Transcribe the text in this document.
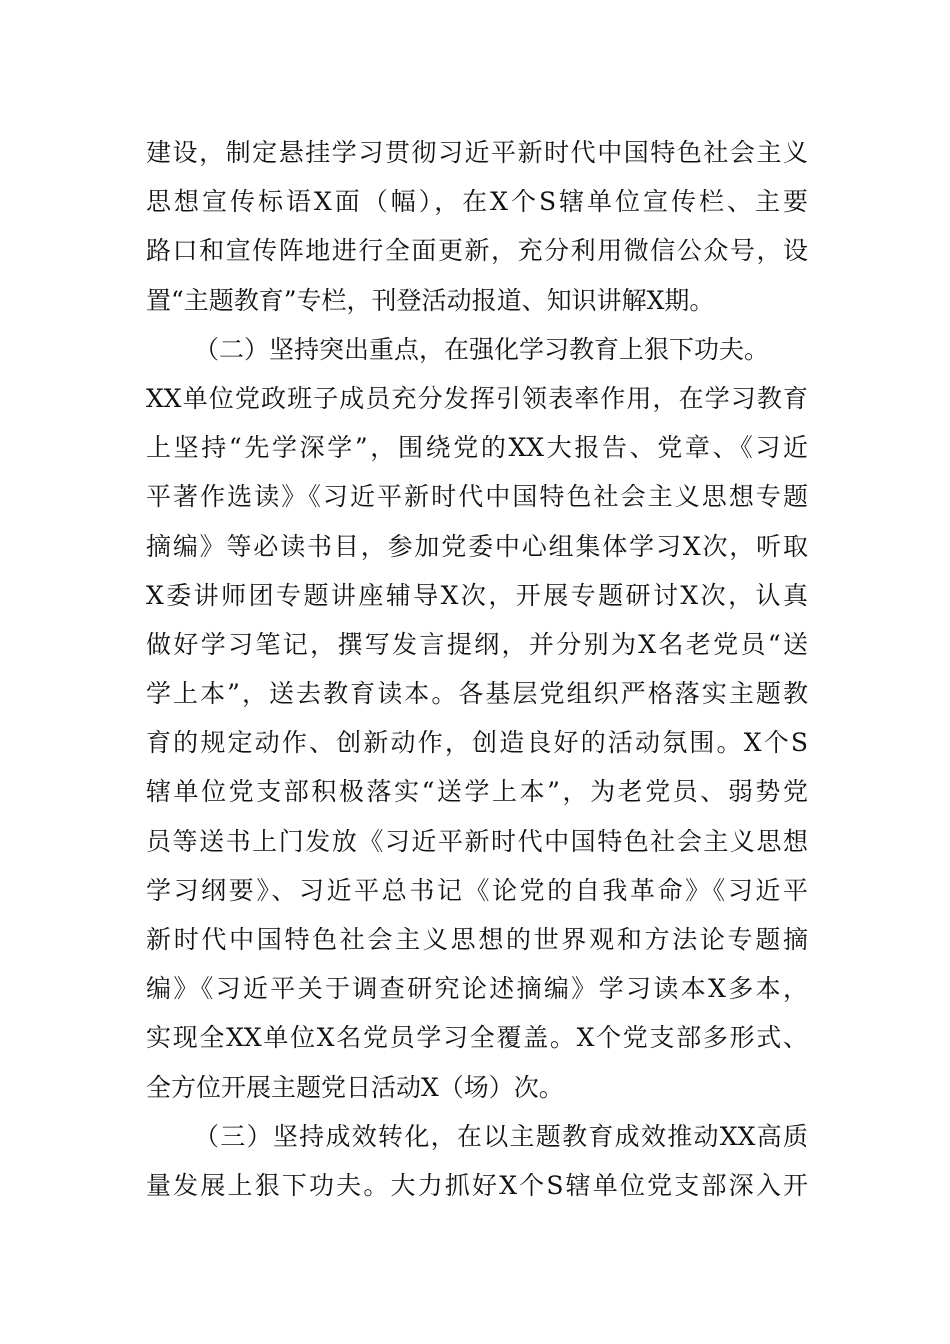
建设，制定悬挂学习贯彻习近平新时代中国特色社会主义
思想宣传标语X面（幅），在X个S辖单位宣传栏、主要
路口和宣传阵地进行全面更新，充分利用微信公众号，设
置“主题教育”专栏，刊登活动报道、知识讲解X期。
（二）坚持突出重点，在强化学习教育上狠下功夫。
XX单位党政班子成员充分发挥引领表率作用，在学习教育
上坚持“先学深学”，围绕党的XX大报告、党章、《习近
平著作选读》《习近平新时代中国特色社会主义思想专题
摘编》等必读书目，参加党委中心组集体学习X次，听取
X委讲师团专题讲座辅导X次，开展专题研讨X次，认真
做好学习笔记，撰写发言提纲，并分别为X名老党员“送
学上本”，送去教育读本。各基层党组织严格落实主题教
育的规定动作、创新动作，创造良好的活动氛围。X个S
辖单位党支部积极落实“送学上本”，为老党员、弱势党
员等送书上门发放《习近平新时代中国特色社会主义思想
学习纲要》、习近平总书记《论党的自我革命》《习近平
新时代中国特色社会主义思想的世界观和方法论专题摘
编》《习近平关于调查研究论述摘编》学习读本X多本，
实现全XX单位X名党员学习全覆盖。X个党支部多形式、
全方位开展主题党日活动X（场）次。
（三）坚持成效转化，在以主题教育成效推动XX高质
量发展上狠下功夫。大力抓好X个S辖单位党支部深入开
